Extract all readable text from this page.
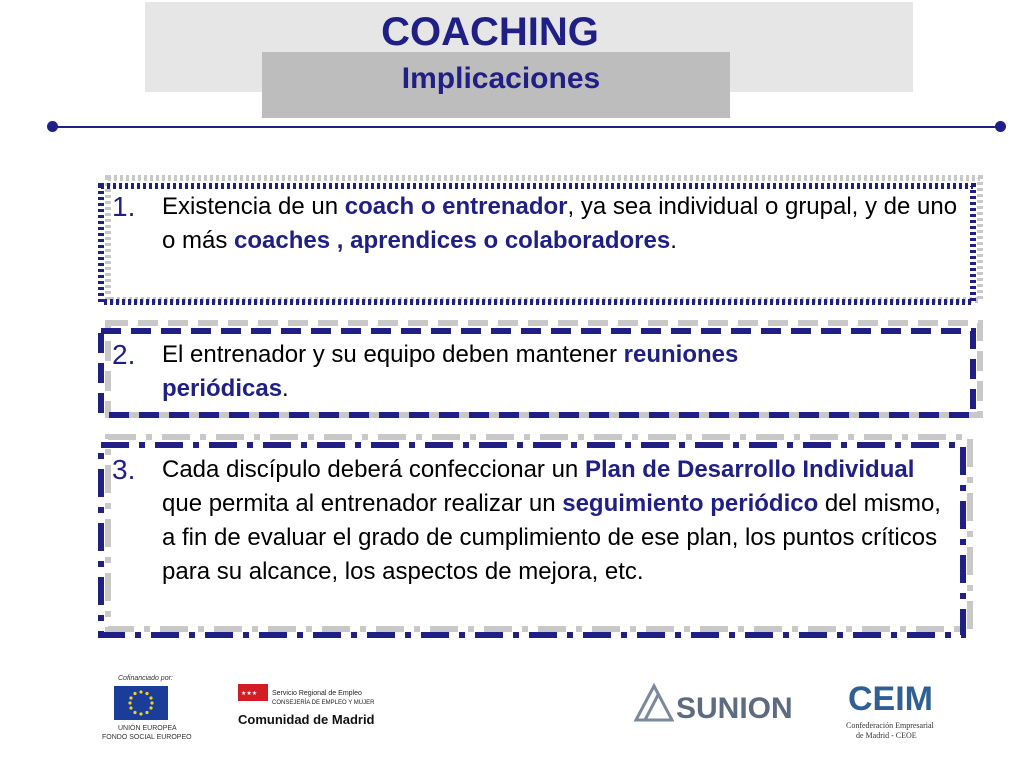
COACHING
Implicaciones
1. Existencia de un coach o entrenador, ya sea individual o grupal, y de uno o más coaches , aprendices o colaboradores.
2. El entrenador y su equipo deben mantener reuniones periódicas.
3. Cada discípulo deberá confeccionar un Plan de Desarrollo Individual que permita al entrenador realizar un seguimiento periódico del mismo, a fin de evaluar el grado de cumplimiento de ese plan, los puntos críticos para su alcance, los aspectos de mejora, etc.
Cofinanciado por:
UNIÓN EUROPEA
FONDO SOCIAL EUROPEO
★★★ Servicio Regional de Empleo
CONSEJERÍA DE EMPLEO Y MUJER
Comunidad de Madrid	SUNION CEIM
Confederación Empresarial
de Madrid - CEOE
